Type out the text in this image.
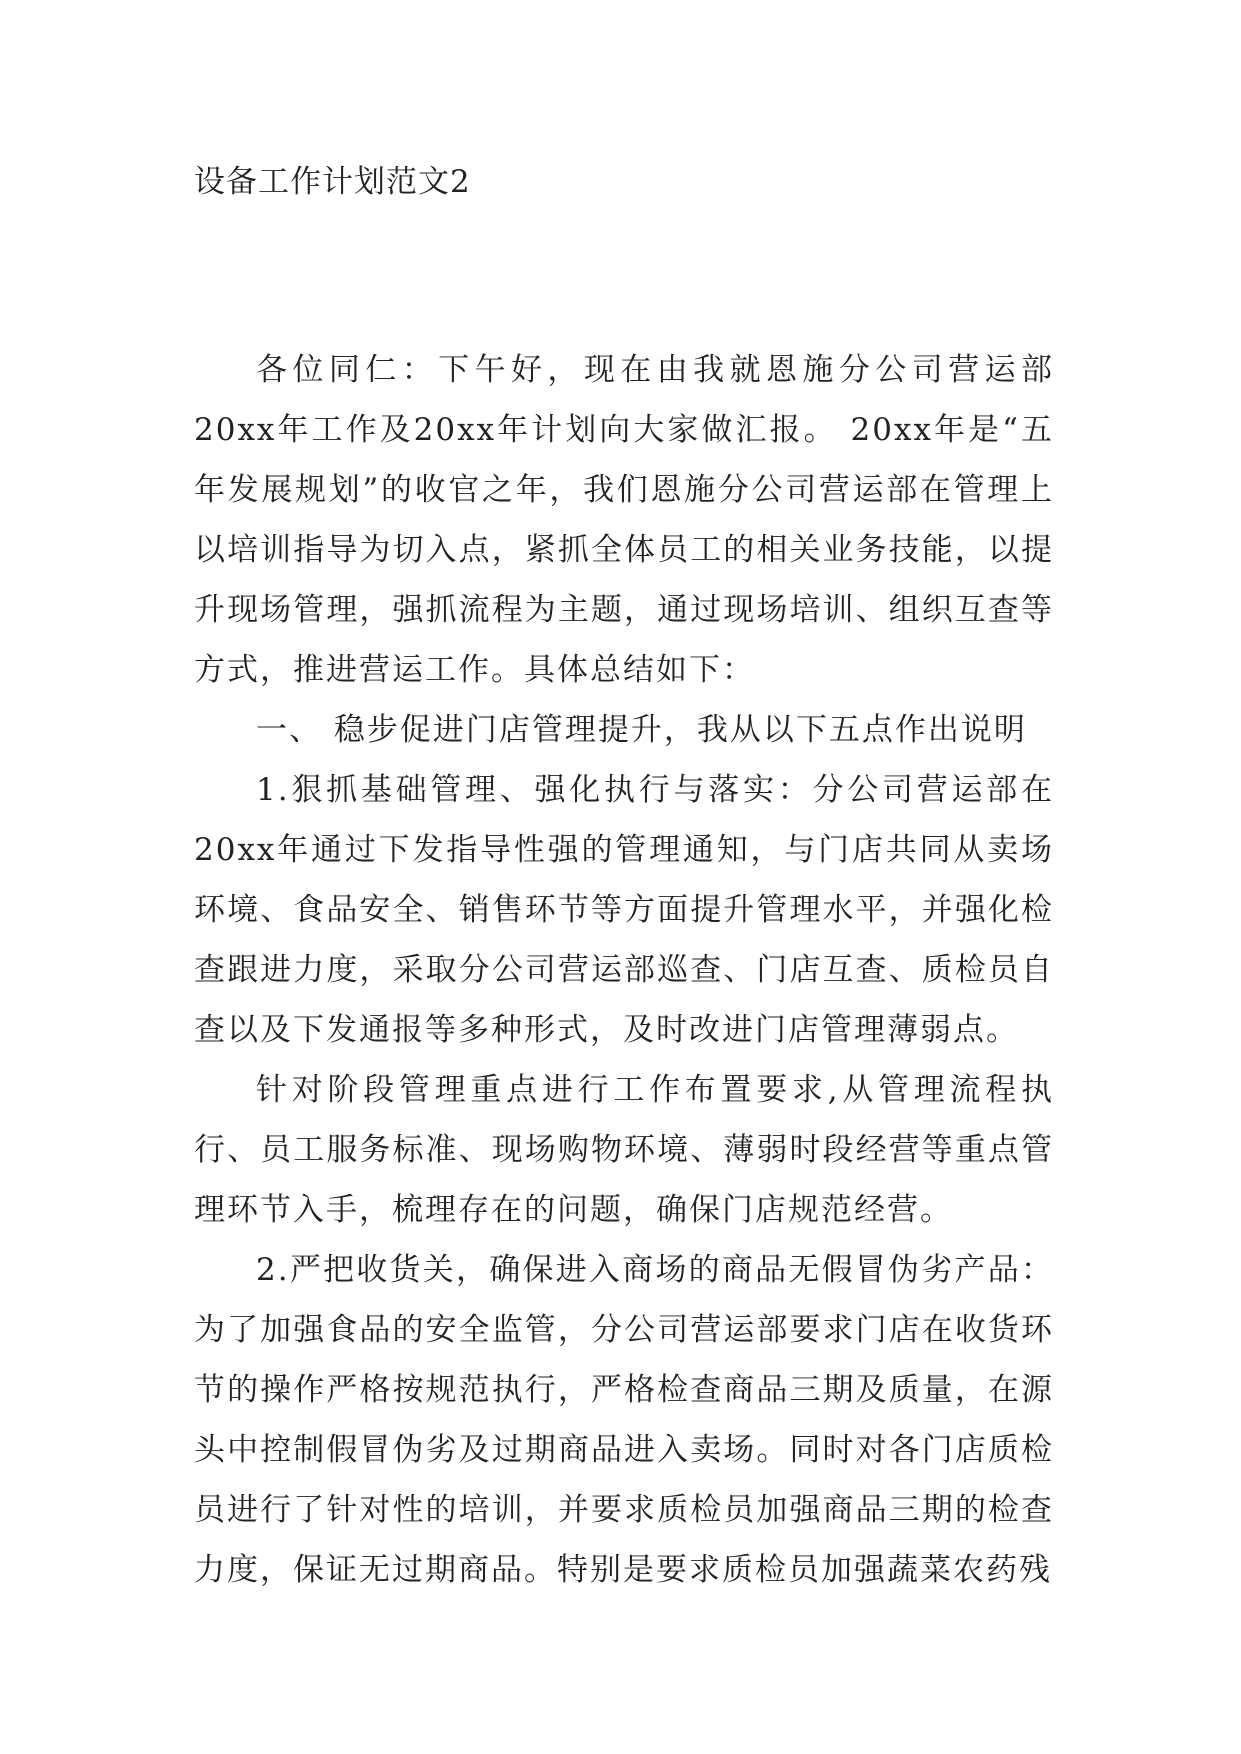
设备工作计划范文2

各位同仁：下午好，现在由我就恩施分公司营运部20xx年工作及20xx年计划向大家做汇报。 20xx年是“五年发展规划”的收官之年，我们恩施分公司营运部在管理上以培训指导为切入点，紧抓全体员工的相关业务技能，以提升现场管理，强抓流程为主题，通过现场培训、组织互查等方式，推进营运工作。具体总结如下：

一、 稳步促进门店管理提升，我从以下五点作出说明

1.狠抓基础管理、强化执行与落实：分公司营运部在20xx年通过下发指导性强的管理通知，与门店共同从卖场环境、食品安全、销售环节等方面提升管理水平，并强化检查跟进力度，采取分公司营运部巡查、门店互查、质检员自查以及下发通报等多种形式，及时改进门店管理薄弱点。

针对阶段管理重点进行工作布置要求,从管理流程执行、员工服务标准、现场购物环境、薄弱时段经营等重点管理环节入手，梳理存在的问题，确保门店规范经营。

2.严把收货关，确保进入商场的商品无假冒伪劣产品：为了加强食品的安全监管，分公司营运部要求门店在收货环节的操作严格按规范执行，严格检查商品三期及质量，在源头中控制假冒伪劣及过期商品进入卖场。同时对各门店质检员进行了针对性的培训，并要求质检员加强商品三期的检查力度，保证无过期商品。特别是要求质检员加强蔬菜农药残
